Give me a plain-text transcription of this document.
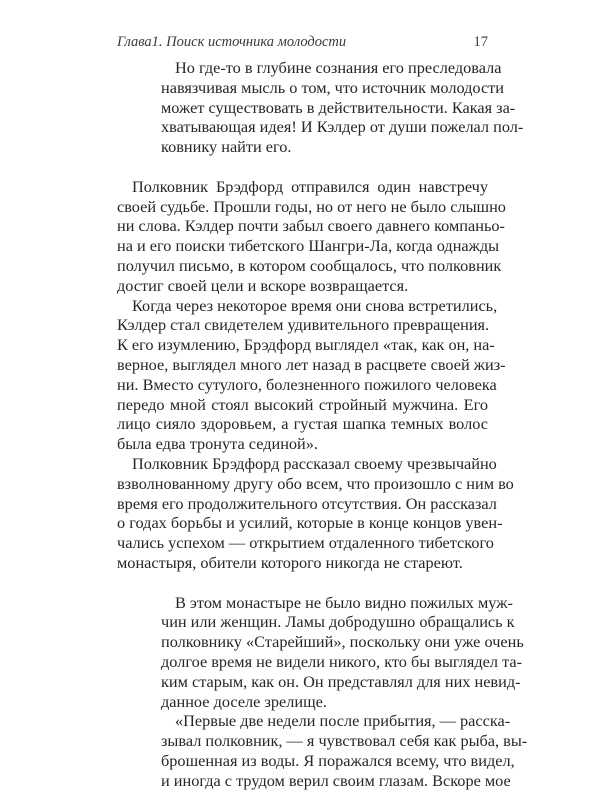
Глава1. Поиск источника молодости	17
Но где-то в глубине сознания его преследовала
навязчивая мысль о том, что источник молодости
может существовать в действительности. Какая за-
хватывающая идея! И Кэлдер от души пожелал пол-
ковнику найти его.
Полковник Брэдфорд отправился один навстречу
своей судьбе. Прошли годы, но от него не было слышно
ни слова. Кэлдер почти забыл своего давнего компаньо-
на и его поиски тибетского Шангри-Ла, когда однажды
получил письмо, в котором сообщалось, что полковник
достиг своей цели и вскоре возвращается.
Когда через некоторое время они снова встретились,
Кэлдер стал свидетелем удивительного превращения.
К его изумлению, Брэдфорд выглядел «так, как он, на-
верное, выглядел много лет назад в расцвете своей жиз-
ни. Вместо сутулого, болезненного пожилого человека
передо мной стоял высокий стройный мужчина. Его
лицо сияло здоровьем, а густая шапка темных волос
была едва тронута сединой».
Полковник Брэдфорд рассказал своему чрезвычайно
взволнованному другу обо всем, что произошло с ним во
время его продолжительного отсутствия. Он рассказал
о годах борьбы и усилий, которые в конце концов увен-
чались успехом — открытием отдаленного тибетского
монастыря, обители которого никогда не стареют.
В этом монастыре не было видно пожилых муж-
чин или женщин. Ламы добродушно обращались к
полковнику «Старейший», поскольку они уже очень
долгое время не видели никого, кто бы выглядел та-
ким старым, как он. Он представлял для них невид-
данное доселе зрелище.
«Первые две недели после прибытия, — расска-
зывал полковник, — я чувствовал себя как рыба, вы-
брошенная из воды. Я поражался всему, что видел,
и иногда с трудом верил своим глазам. Вскоре мое
